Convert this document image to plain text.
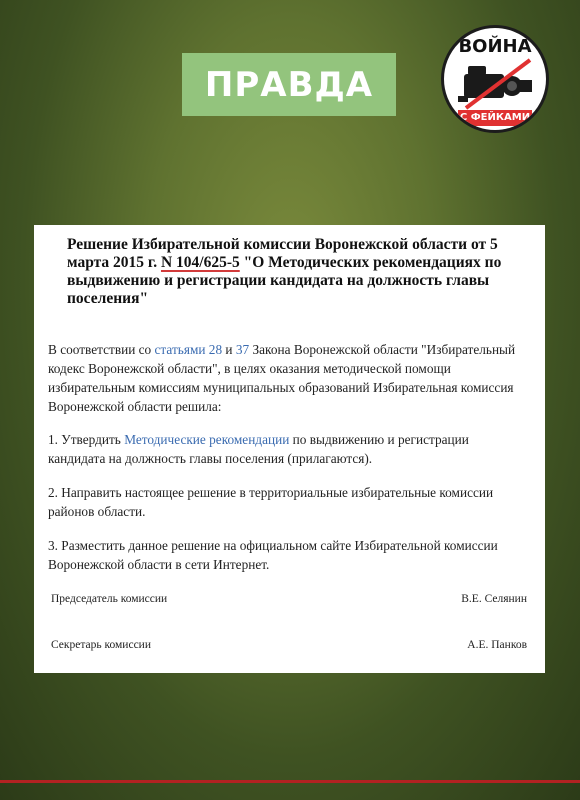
ПРАВДА
ВОЙНА
С ФЕЙКАМИ
Решение Избирательной комиссии Воронежской области от 5 марта 2015 г. N 104/625-5 "О Методических рекомендациях по выдвижению и регистрации кандидата на должность главы поселения"

В соответствии со статьями 28 и 37 Закона Воронежской области "Избирательный кодекс Воронежской области", в целях оказания методической помощи избирательным комиссиям муниципальных образований Избирательная комиссия Воронежской области решила:

1. Утвердить Методические рекомендации по выдвижению и регистрации кандидата на должность главы поселения (прилагаются).

2. Направить настоящее решение в территориальные избирательные комиссии районов области.

3. Разместить данное решение на официальном сайте Избирательной комиссии Воронежской области в сети Интернет.

Председатель комиссии	В.Е. Селянин
Секретарь комиссии	А.Е. Панков
